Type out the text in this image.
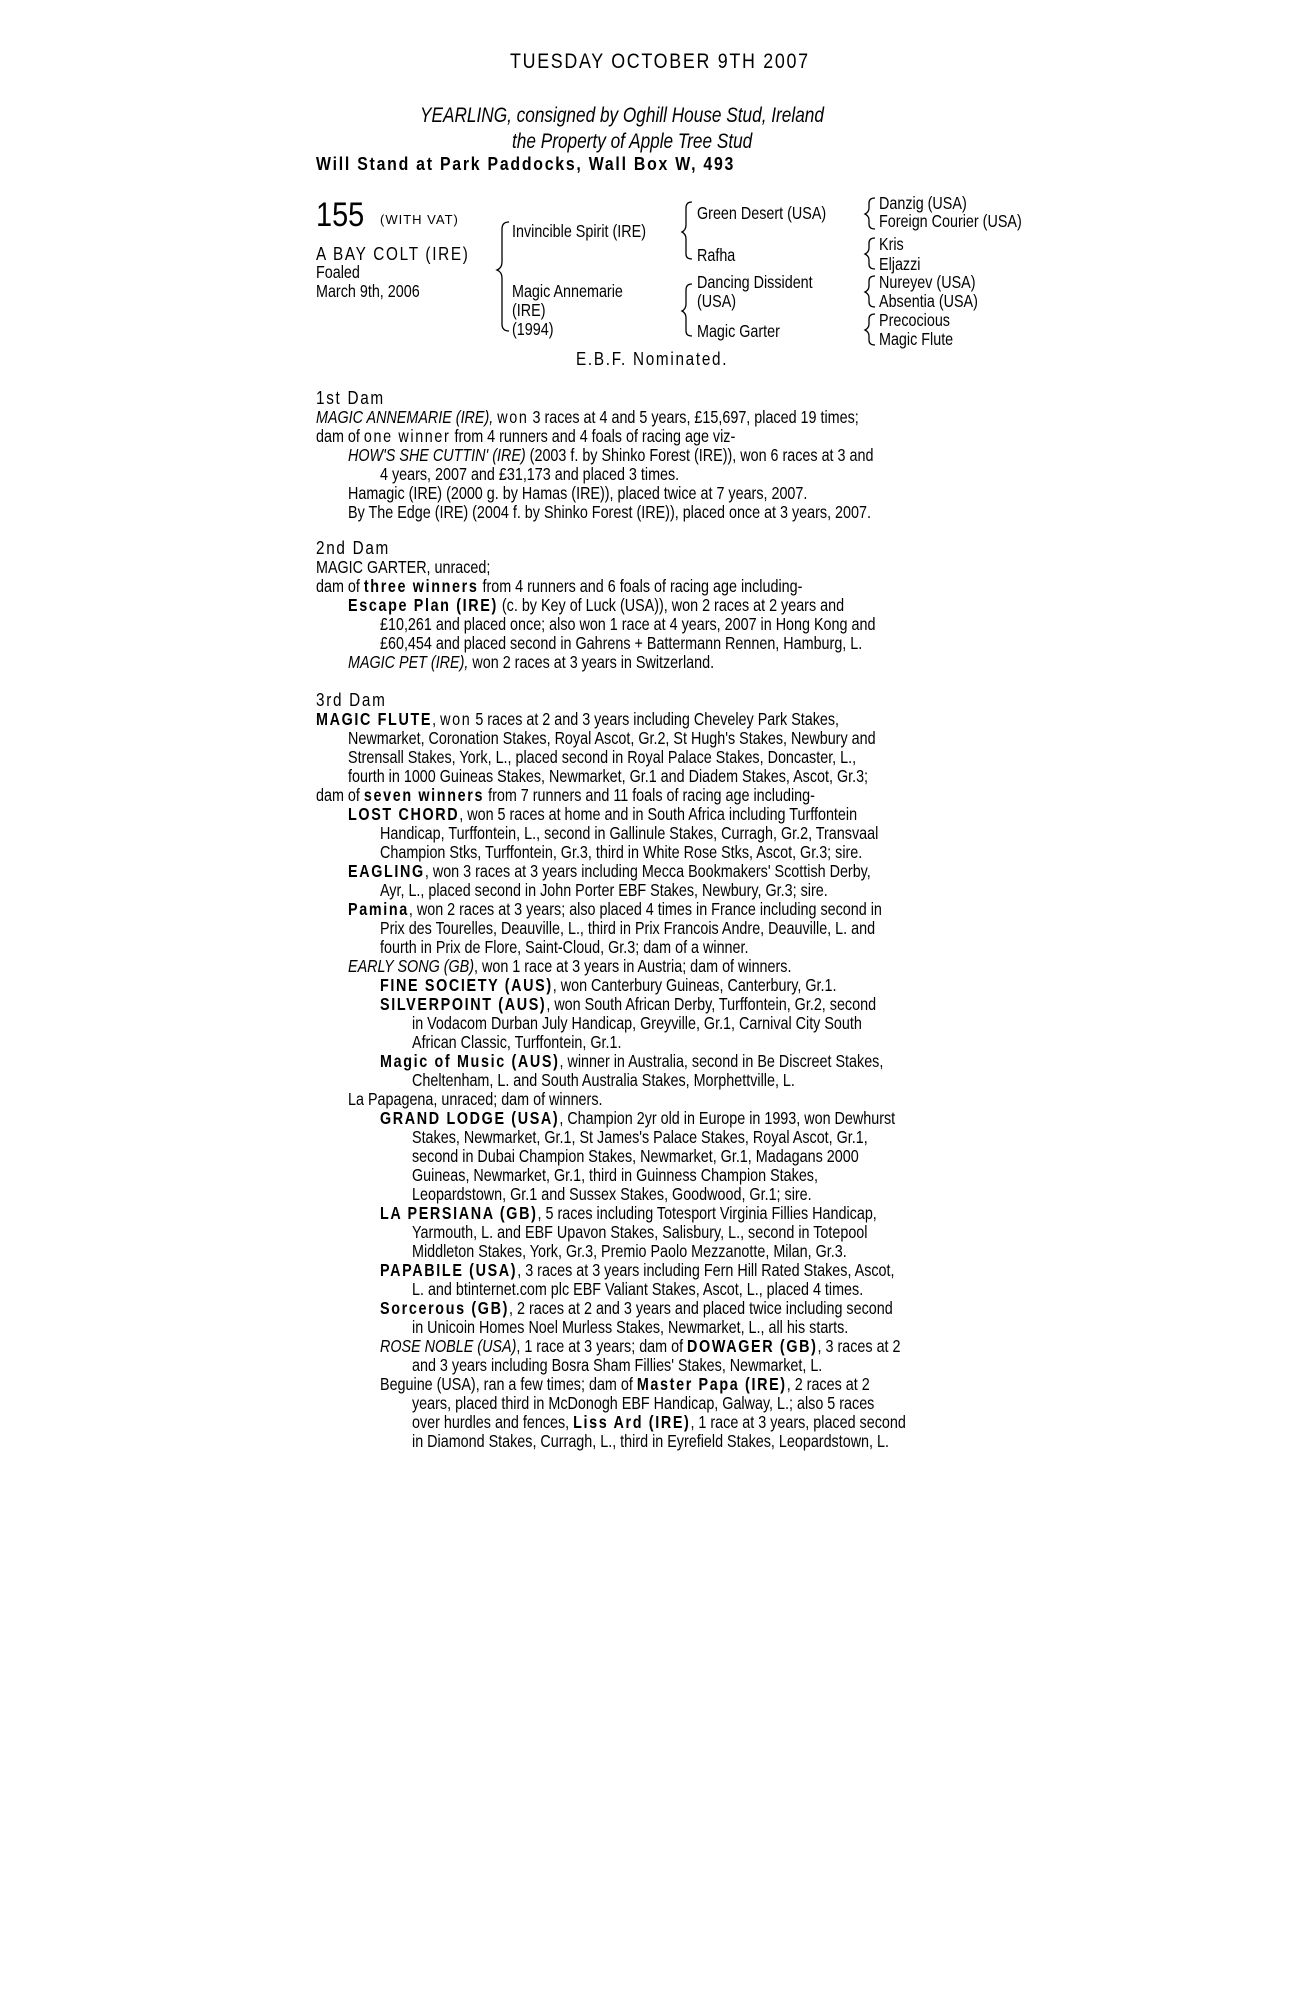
TUESDAY OCTOBER 9TH 2007
YEARLING, consigned by Oghill House Stud, Ireland
the Property of Apple Tree Stud
Will Stand at Park Paddocks, Wall Box W, 493
155 (WITH VAT)
A BAY COLT (IRE)
Foaled
March 9th, 2006
Invincible Spirit (IRE)
Magic Annemarie
(IRE)
(1994)
Green Desert (USA)
Rafha
Dancing Dissident
(USA)
Magic Garter
Danzig (USA)
Foreign Courier (USA)
Kris
Eljazzi
Nureyev (USA)
Absentia (USA)
Precocious
Magic Flute
E.B.F. Nominated.
1st Dam
MAGIC ANNEMARIE (IRE), won 3 races at 4 and 5 years, £15,697, placed 19 times;
dam of one winner from 4 runners and 4 foals of racing age viz-
HOW'S SHE CUTTIN' (IRE) (2003 f. by Shinko Forest (IRE)), won 6 races at 3 and
4 years, 2007 and £31,173 and placed 3 times.
Hamagic (IRE) (2000 g. by Hamas (IRE)), placed twice at 7 years, 2007.
By The Edge (IRE) (2004 f. by Shinko Forest (IRE)), placed once at 3 years, 2007.
2nd Dam
MAGIC GARTER, unraced;
dam of three winners from 4 runners and 6 foals of racing age including-
Escape Plan (IRE) (c. by Key of Luck (USA)), won 2 races at 2 years and
£10,261 and placed once; also won 1 race at 4 years, 2007 in Hong Kong and
£60,454 and placed second in Gahrens + Battermann Rennen, Hamburg, L.
MAGIC PET (IRE), won 2 races at 3 years in Switzerland.
3rd Dam
MAGIC FLUTE, won 5 races at 2 and 3 years including Cheveley Park Stakes,
Newmarket, Coronation Stakes, Royal Ascot, Gr.2, St Hugh's Stakes, Newbury and
Strensall Stakes, York, L., placed second in Royal Palace Stakes, Doncaster, L.,
fourth in 1000 Guineas Stakes, Newmarket, Gr.1 and Diadem Stakes, Ascot, Gr.3;
dam of seven winners from 7 runners and 11 foals of racing age including-
LOST CHORD, won 5 races at home and in South Africa including Turffontein
Handicap, Turffontein, L., second in Gallinule Stakes, Curragh, Gr.2, Transvaal
Champion Stks, Turffontein, Gr.3, third in White Rose Stks, Ascot, Gr.3; sire.
EAGLING, won 3 races at 3 years including Mecca Bookmakers' Scottish Derby,
Ayr, L., placed second in John Porter EBF Stakes, Newbury, Gr.3; sire.
Pamina, won 2 races at 3 years; also placed 4 times in France including second in
Prix des Tourelles, Deauville, L., third in Prix Francois Andre, Deauville, L. and
fourth in Prix de Flore, Saint-Cloud, Gr.3; dam of a winner.
EARLY SONG (GB), won 1 race at 3 years in Austria; dam of winners.
FINE SOCIETY (AUS), won Canterbury Guineas, Canterbury, Gr.1.
SILVERPOINT (AUS), won South African Derby, Turffontein, Gr.2, second
in Vodacom Durban July Handicap, Greyville, Gr.1, Carnival City South
African Classic, Turffontein, Gr.1.
Magic of Music (AUS), winner in Australia, second in Be Discreet Stakes,
Cheltenham, L. and South Australia Stakes, Morphettville, L.
La Papagena, unraced; dam of winners.
GRAND LODGE (USA), Champion 2yr old in Europe in 1993, won Dewhurst
Stakes, Newmarket, Gr.1, St James's Palace Stakes, Royal Ascot, Gr.1,
second in Dubai Champion Stakes, Newmarket, Gr.1, Madagans 2000
Guineas, Newmarket, Gr.1, third in Guinness Champion Stakes,
Leopardstown, Gr.1 and Sussex Stakes, Goodwood, Gr.1; sire.
LA PERSIANA (GB), 5 races including Totesport Virginia Fillies Handicap,
Yarmouth, L. and EBF Upavon Stakes, Salisbury, L., second in Totepool
Middleton Stakes, York, Gr.3, Premio Paolo Mezzanotte, Milan, Gr.3.
PAPABILE (USA), 3 races at 3 years including Fern Hill Rated Stakes, Ascot,
L. and btinternet.com plc EBF Valiant Stakes, Ascot, L., placed 4 times.
Sorcerous (GB), 2 races at 2 and 3 years and placed twice including second
in Unicoin Homes Noel Murless Stakes, Newmarket, L., all his starts.
ROSE NOBLE (USA), 1 race at 3 years; dam of DOWAGER (GB), 3 races at 2
and 3 years including Bosra Sham Fillies' Stakes, Newmarket, L.
Beguine (USA), ran a few times; dam of Master Papa (IRE), 2 races at 2
years, placed third in McDonogh EBF Handicap, Galway, L.; also 5 races
over hurdles and fences, Liss Ard (IRE), 1 race at 3 years, placed second
in Diamond Stakes, Curragh, L., third in Eyrefield Stakes, Leopardstown, L.
